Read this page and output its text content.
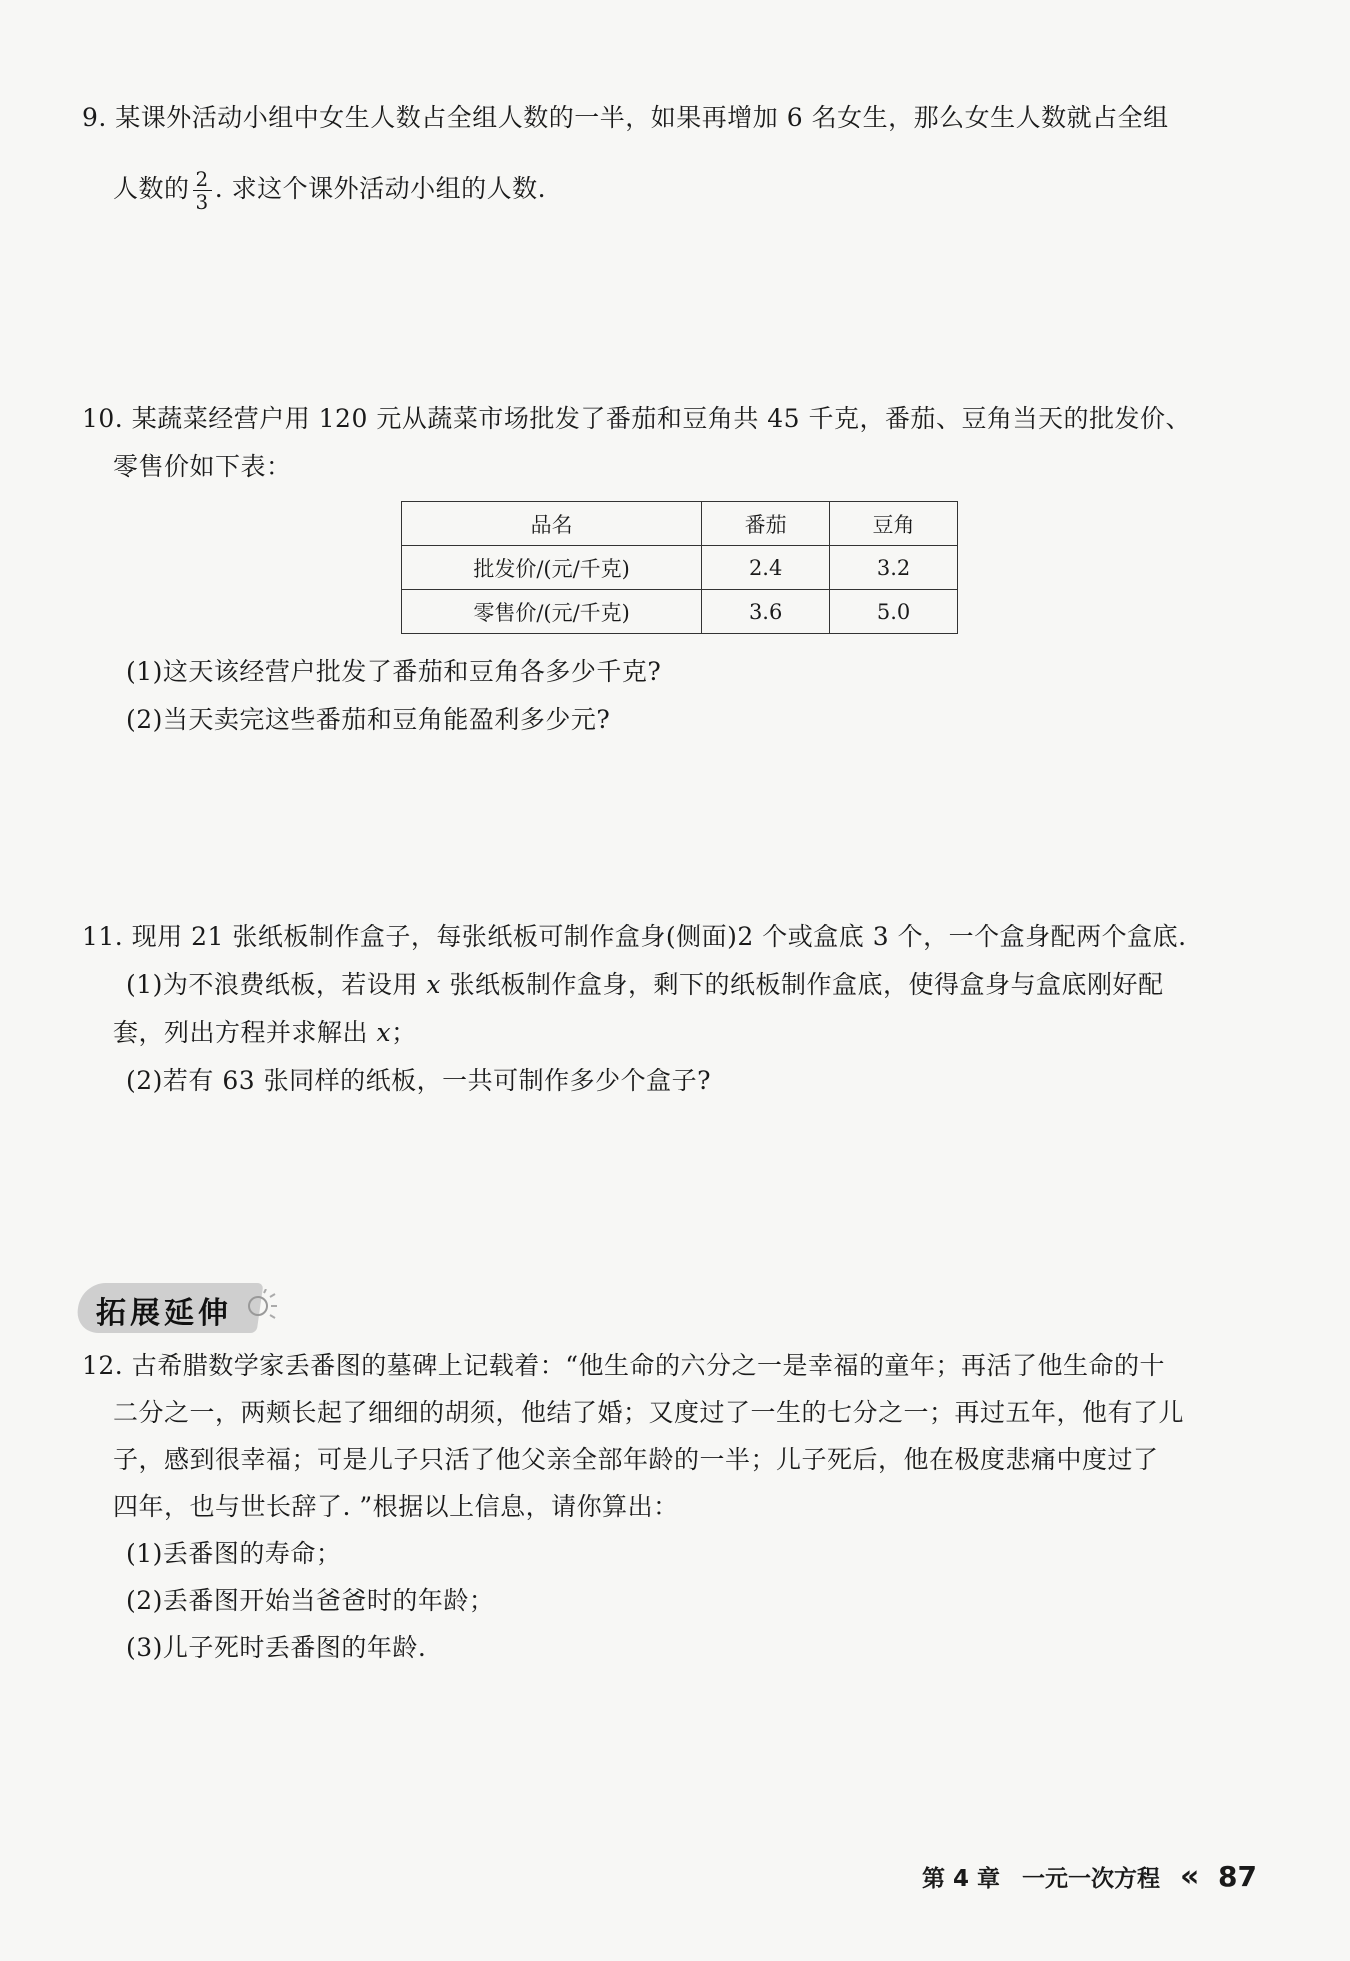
9. 某课外活动小组中女生人数占全组人数的一半，如果再增加 6 名女生，那么女生人数就占全组
人数的 $\frac{2}{3}$ . 求这个课外活动小组的人数.
10. 某蔬菜经营户用 120 元从蔬菜市场批发了番茄和豆角共 45 千克，番茄、豆角当天的批发价、
零售价如下表：
品名	番茄	豆角
批发价/(元/千克)	2.4	3.2
零售价/(元/千克)	3.6	5.0
(1)这天该经营户批发了番茄和豆角各多少千克?
(2)当天卖完这些番茄和豆角能盈利多少元?
11. 现用 21 张纸板制作盒子，每张纸板可制作盒身(侧面)2 个或盒底 3 个，一个盒身配两个盒底.
(1)为不浪费纸板，若设用 x 张纸板制作盒身，剩下的纸板制作盒底，使得盒身与盒底刚好配
套，列出方程并求解出 x；
(2)若有 63 张同样的纸板，一共可制作多少个盒子?
拓展延伸
12. 古希腊数学家丢番图的墓碑上记载着：“他生命的六分之一是幸福的童年；再活了他生命的十
二分之一，两颊长起了细细的胡须，他结了婚；又度过了一生的七分之一；再过五年，他有了儿
子，感到很幸福；可是儿子只活了他父亲全部年龄的一半；儿子死后，他在极度悲痛中度过了
四年，也与世长辞了. ”根据以上信息，请你算出：
(1)丢番图的寿命；
(2)丢番图开始当爸爸时的年龄；
(3)儿子死时丢番图的年龄.
第 4 章 一元一次方程 « 87
